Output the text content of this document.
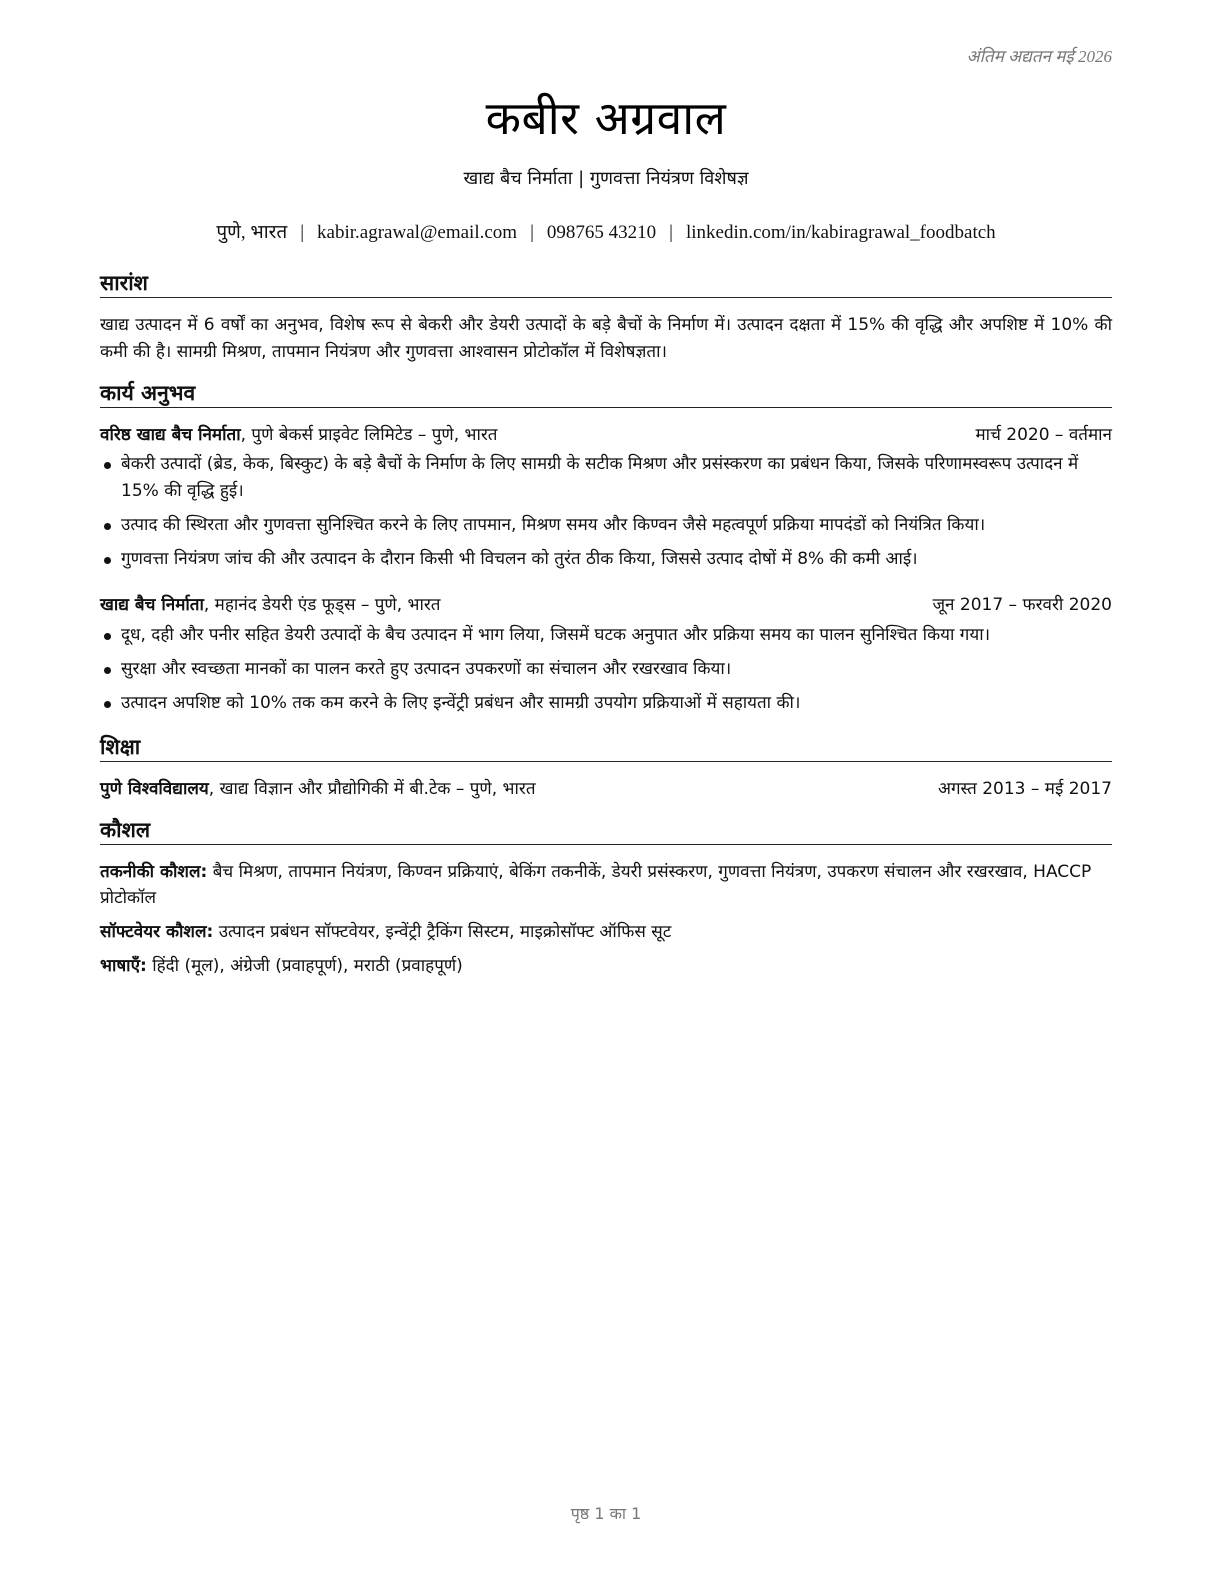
अंतिम अद्यतन मई 2026
कबीर अग्रवाल
खाद्य बैच निर्माता | गुणवत्ता नियंत्रण विशेषज्ञ
पुणे, भारत | kabir.agrawal@email.com | 098765 43210 | linkedin.com/in/kabiragrawal_foodbatch
सारांश
खाद्य उत्पादन में 6 वर्षों का अनुभव, विशेष रूप से बेकरी और डेयरी उत्पादों के बड़े बैचों के निर्माण में। उत्पादन दक्षता में 15% की वृद्धि और अपशिष्ट में 10% की कमी की है। सामग्री मिश्रण, तापमान नियंत्रण और गुणवत्ता आश्वासन प्रोटोकॉल में विशेषज्ञता।
कार्य अनुभव
वरिष्ठ खाद्य बैच निर्माता, पुणे बेकर्स प्राइवेट लिमिटेड – पुणे, भारत	मार्च 2020 – वर्तमान
बेकरी उत्पादों (ब्रेड, केक, बिस्कुट) के बड़े बैचों के निर्माण के लिए सामग्री के सटीक मिश्रण और प्रसंस्करण का प्रबंधन किया, जिसके परिणामस्वरूप उत्पादन में 15% की वृद्धि हुई।
उत्पाद की स्थिरता और गुणवत्ता सुनिश्चित करने के लिए तापमान, मिश्रण समय और किण्वन जैसे महत्वपूर्ण प्रक्रिया मापदंडों को नियंत्रित किया।
गुणवत्ता नियंत्रण जांच की और उत्पादन के दौरान किसी भी विचलन को तुरंत ठीक किया, जिससे उत्पाद दोषों में 8% की कमी आई।
खाद्य बैच निर्माता, महानंद डेयरी एंड फूड्स – पुणे, भारत	जून 2017 – फरवरी 2020
दूध, दही और पनीर सहित डेयरी उत्पादों के बैच उत्पादन में भाग लिया, जिसमें घटक अनुपात और प्रक्रिया समय का पालन सुनिश्चित किया गया।
सुरक्षा और स्वच्छता मानकों का पालन करते हुए उत्पादन उपकरणों का संचालन और रखरखाव किया।
उत्पादन अपशिष्ट को 10% तक कम करने के लिए इन्वेंट्री प्रबंधन और सामग्री उपयोग प्रक्रियाओं में सहायता की।
शिक्षा
पुणे विश्वविद्यालय, खाद्य विज्ञान और प्रौद्योगिकी में बी.टेक – पुणे, भारत	अगस्त 2013 – मई 2017
कौशल
तकनीकी कौशल: बैच मिश्रण, तापमान नियंत्रण, किण्वन प्रक्रियाएं, बेकिंग तकनीकें, डेयरी प्रसंस्करण, गुणवत्ता नियंत्रण, उपकरण संचालन और रखरखाव, HACCP प्रोटोकॉल
सॉफ्टवेयर कौशल: उत्पादन प्रबंधन सॉफ्टवेयर, इन्वेंट्री ट्रैकिंग सिस्टम, माइक्रोसॉफ्ट ऑफिस सूट
भाषाएँ: हिंदी (मूल), अंग्रेजी (प्रवाहपूर्ण), मराठी (प्रवाहपूर्ण)
पृष्ठ 1 का 1
